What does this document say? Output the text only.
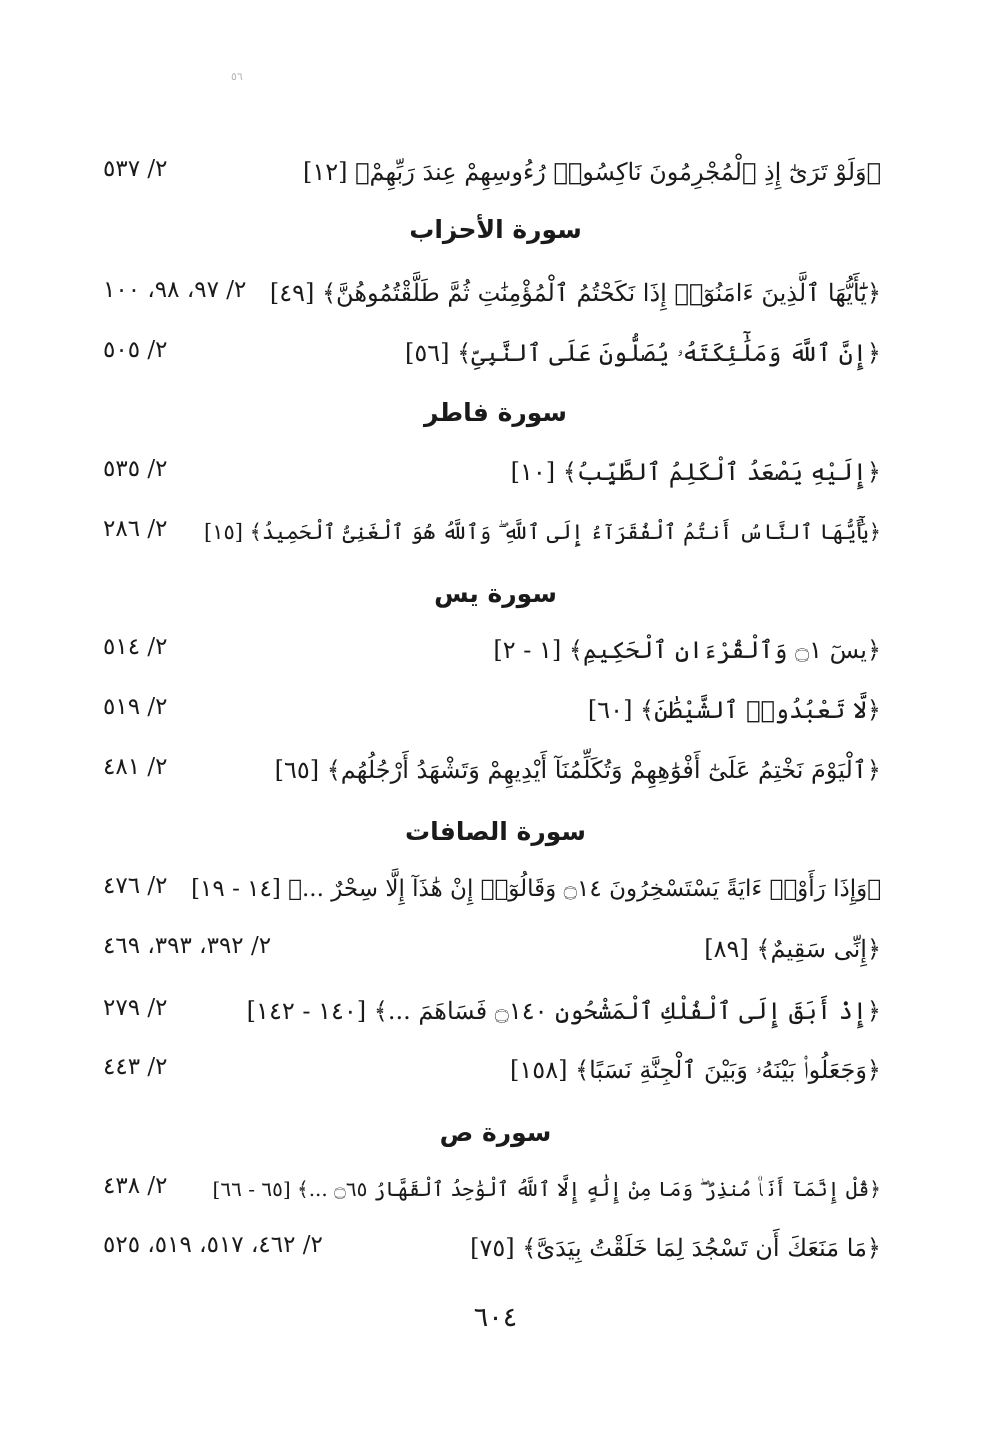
٥٦
﴿وَلَوْ تَرَىٰٓ إِذِ ٱلْمُجْرِمُونَ نَاكِسُوا۟ رُءُوسِهِمْ عِندَ رَبِّهِمْ﴾ [١٢]
٢/ ٥٣٧
سورة الأحزاب
﴿يَٰٓأَيُّهَا ٱلَّذِينَ ءَامَنُوٓا۟ إِذَا نَكَحْتُمُ ٱلْمُؤْمِنَٰتِ ثُمَّ طَلَّقْتُمُوهُنَّ﴾ [٤٩]
٢/ ٩٧، ٩٨، ١٠٠
﴿إِنَّ ٱللَّهَ وَمَلَٰٓئِكَتَهُۥ يُصَلُّونَ عَلَى ٱلنَّبِىِّ﴾ [٥٦]
٢/ ٥٠٥
سورة فاطر
﴿إِلَيْهِ يَصْعَدُ ٱلْكَلِمُ ٱلطَّيِّبُ﴾ [١٠]
٢/ ٥٣٥
﴿يَٰٓأَيُّهَا ٱلنَّاسُ أَنتُمُ ٱلْفُقَرَآءُ إِلَى ٱللَّهِ ۖ وَٱللَّهُ هُوَ ٱلْغَنِىُّ ٱلْحَمِيدُ﴾ [١٥]
٢/ ٢٨٦
سورة يس
﴿يسٓ ۝١ وَٱلْقُرْءَانِ ٱلْحَكِيمِ﴾ [١ - ٢]
٢/ ٥١٤
﴿لَّا تَعْبُدُوا۟ ٱلشَّيْطَٰنَ﴾ [٦٠]
٢/ ٥١٩
﴿ٱلْيَوْمَ نَخْتِمُ عَلَىٰٓ أَفْوَٰهِهِمْ وَتُكَلِّمُنَآ أَيْدِيهِمْ وَتَشْهَدُ أَرْجُلُهُم﴾ [٦٥]
٢/ ٤٨١
سورة الصافات
﴿وَإِذَا رَأَوْا۟ ءَايَةً يَسْتَسْخِرُونَ ۝١٤ وَقَالُوٓا۟ إِنْ هَٰذَآ إِلَّا سِحْرٌ ...﴾ [١٤ - ١٩]
٢/ ٤٧٦
﴿إِنِّى سَقِيمٌ﴾ [٨٩]
٢/ ٣٩٢، ٣٩٣، ٤٦٩
﴿إِذْ أَبَقَ إِلَى ٱلْفُلْكِ ٱلْمَشْحُونِ ۝١٤٠ فَسَاهَمَ ...﴾ [١٤٠ - ١٤٢]
٢/ ٢٧٩
﴿وَجَعَلُوا۟ بَيْنَهُۥ وَبَيْنَ ٱلْجِنَّةِ نَسَبًا﴾ [١٥٨]
٢/ ٤٤٣
سورة ص
﴿قُلْ إِنَّمَآ أَنَا۠ مُنذِرٌ ۖ وَمَا مِنْ إِلَٰهٍ إِلَّا ٱللَّهُ ٱلْوَٰحِدُ ٱلْقَهَّارُ ۝٦٥ ...﴾ [٦٥ - ٦٦]
٢/ ٤٣٨
﴿مَا مَنَعَكَ أَن تَسْجُدَ لِمَا خَلَقْتُ بِيَدَىَّ﴾ [٧٥]
٢/ ٤٦٢، ٥١٧، ٥١٩، ٥٢٥
٦٠٤
